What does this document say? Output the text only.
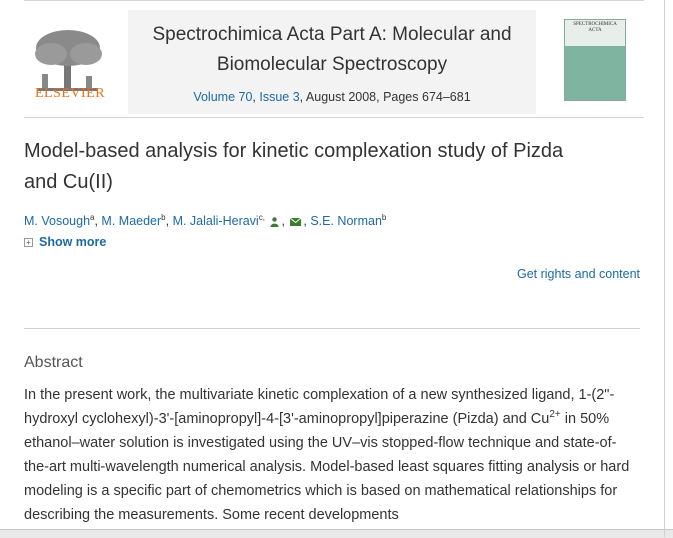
ELSEVIER
Spectrochimica Acta Part A: Molecular and
Biomolecular Spectroscopy
Volume 70, Issue 3, August 2008, Pages 674–681
SPECTROCHIMICA ACTA
Model-based analysis for kinetic complexation study of Pizda
and Cu(II)
M. Vosough$^a$, M. Maeder$^b$, M. Jalali-Heravi$^{c,}$ , , S.E. Norman$^b$
+ Show more
Get rights and content
Abstract
In the present work, the multivariate kinetic complexation of a new synthesized ligand, 1-(2"-hydroxyl cyclohexyl)-3'-[aminopropyl]-4-[3'-aminopropyl]piperazine (Pizda) and $Cu^{2+}$ in 50% ethanol–water solution is investigated using the UV–vis stopped-flow technique and state-of-the-art multi-wavelength numerical analysis. Model-based least squares fitting analysis or hard modeling is a specific part of chemometrics which is based on mathematical relationships for describing the measurements. Some recent developments
